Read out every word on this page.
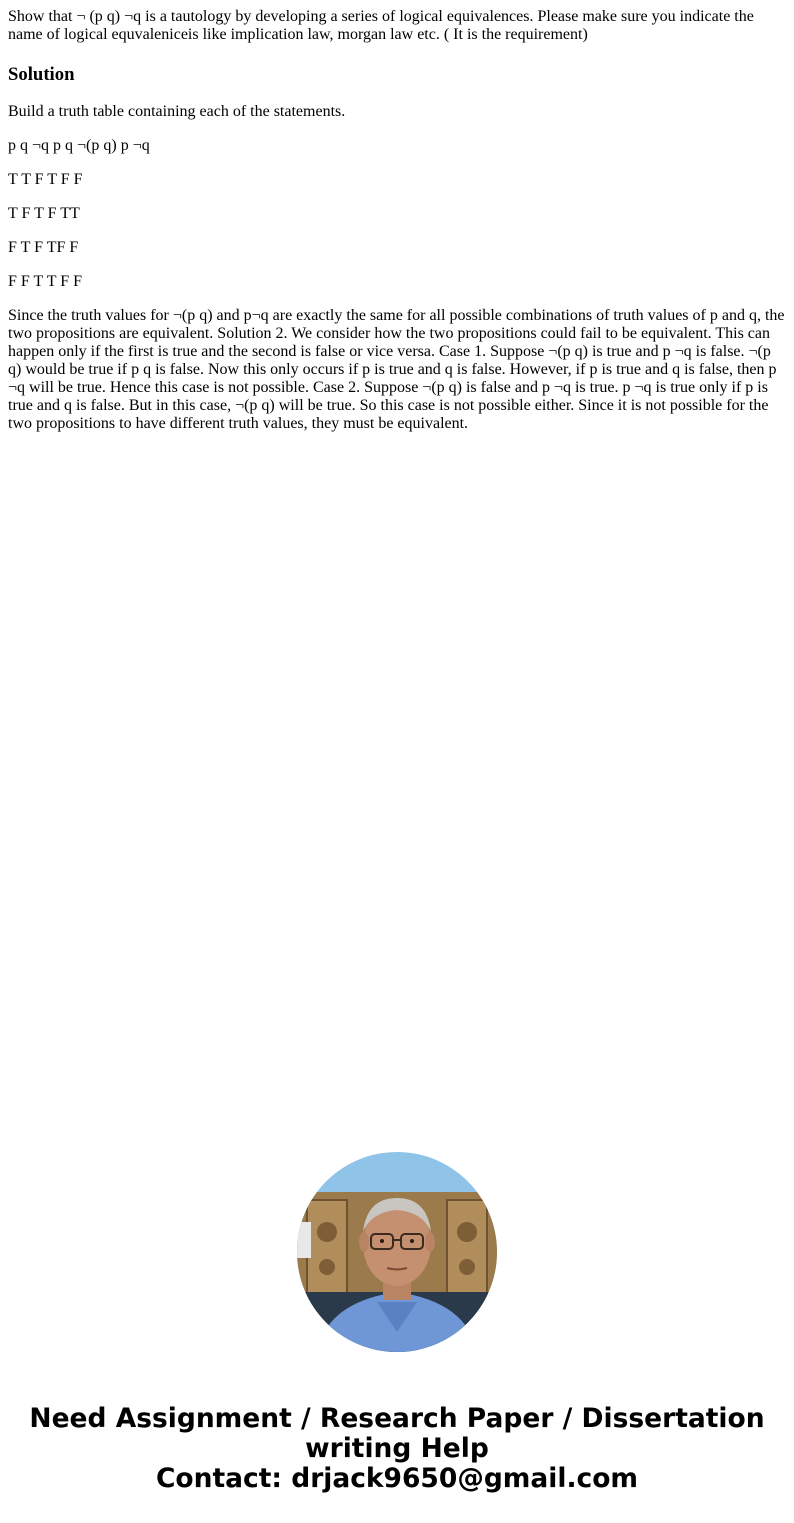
Show that ¬ (p q) ¬q is a tautology by developing a series of logical equivalences. Please make sure you indicate the name of logical equvaleniceis like implication law, morgan law etc. ( It is the requirement)

Solution

Build a truth table containing each of the statements.

p q ¬q p q ¬(p q) p ¬q

T T F T F F

T F T F TT

F T F TF F

F F T T F F

Since the truth values for ¬(p q) and p¬q are exactly the same for all possible combinations of truth values of p and q, the two propositions are equivalent. Solution 2. We consider how the two propositions could fail to be equivalent. This can happen only if the first is true and the second is false or vice versa. Case 1. Suppose ¬(p q) is true and p ¬q is false. ¬(p q) would be true if p q is false. Now this only occurs if p is true and q is false. However, if p is true and q is false, then p ¬q will be true. Hence this case is not possible. Case 2. Suppose ¬(p q) is false and p ¬q is true. p ¬q is true only if p is true and q is false. But in this case, ¬(p q) will be true. So this case is not possible either. Since it is not possible for the two propositions to have different truth values, they must be equivalent.

Need Assignment / Research Paper / Dissertation
writing Help
Contact: drjack9650@gmail.com
